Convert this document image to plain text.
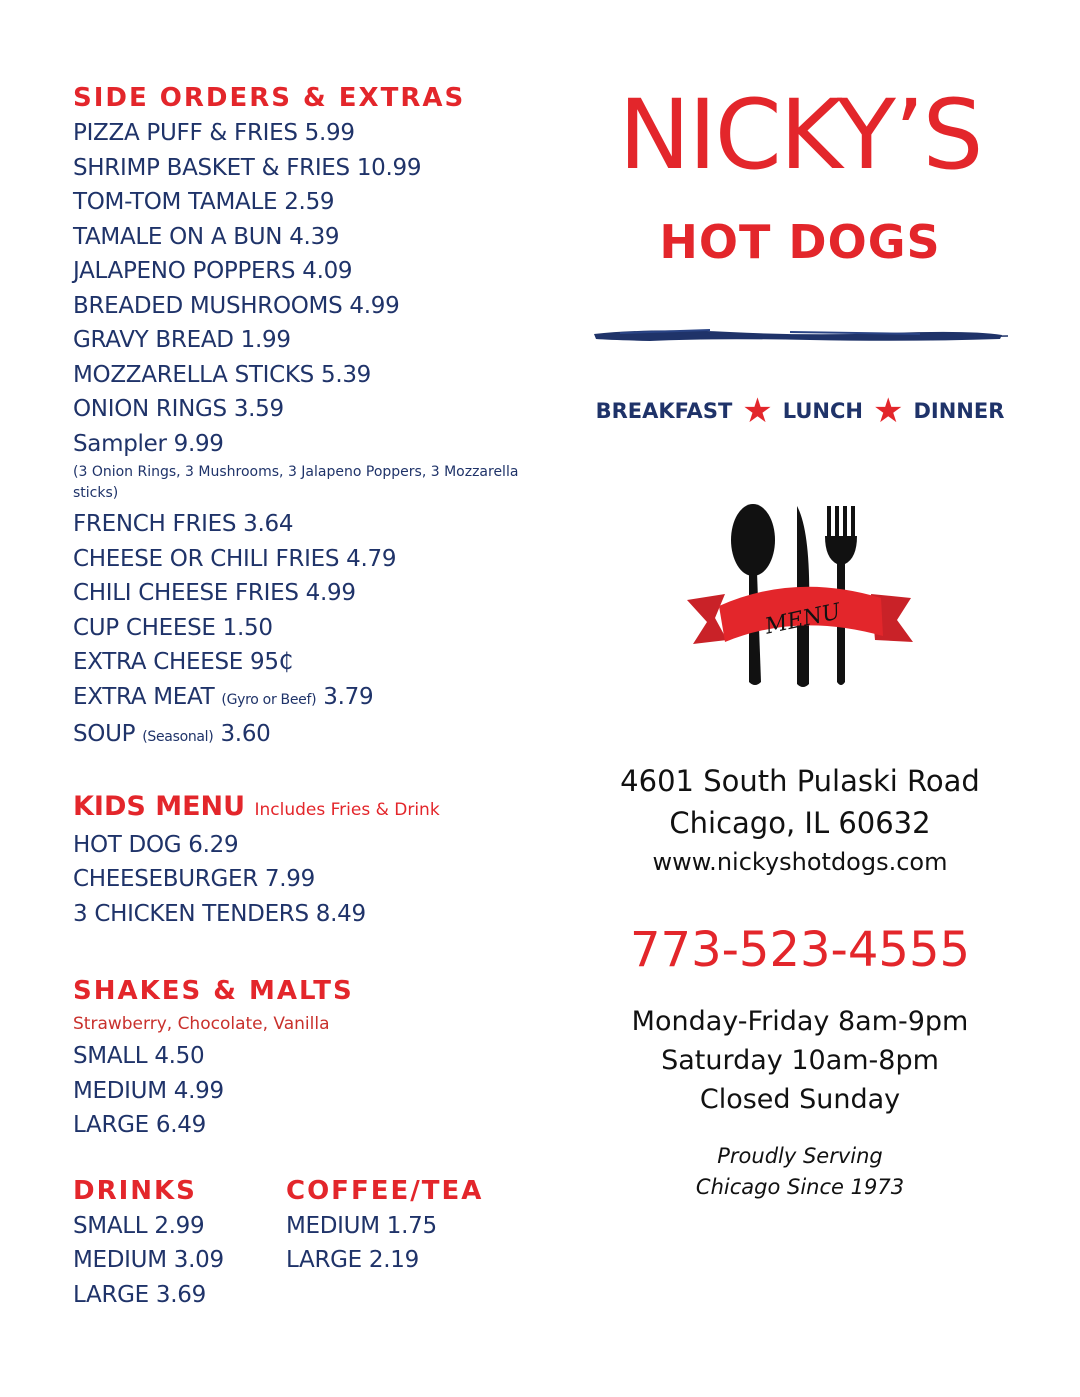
SIDE ORDERS & EXTRAS
PIZZA PUFF & FRIES 5.99
SHRIMP BASKET & FRIES 10.99
TOM-TOM TAMALE 2.59
TAMALE ON A BUN 4.39
JALAPENO POPPERS 4.09
BREADED MUSHROOMS 4.99
GRAVY BREAD 1.99
MOZZARELLA STICKS 5.39
ONION RINGS 3.59
Sampler 9.99
(3 Onion Rings, 3 Mushrooms, 3 Jalapeno Poppers, 3 Mozzarella sticks)
FRENCH FRIES 3.64
CHEESE OR CHILI FRIES 4.79
CHILI CHEESE FRIES 4.99
CUP CHEESE 1.50
EXTRA CHEESE 95₵
EXTRA MEAT (Gyro or Beef) 3.79
SOUP (Seasonal) 3.60
KIDS MENU Includes Fries & Drink
HOT DOG 6.29
CHEESEBURGER 7.99
3 CHICKEN TENDERS 8.49
SHAKES & MALTS
Strawberry, Chocolate, Vanilla
SMALL 4.50
MEDIUM 4.99
LARGE 6.49
DRINKS
SMALL 2.99
MEDIUM 3.09
LARGE 3.69
COFFEE/TEA
MEDIUM 1.75
LARGE 2.19
NICKY’S
HOT DOGS
BREAKFAST ★ LUNCH ★ DINNER
MENU
4601 South Pulaski Road
Chicago, IL 60632
www.nickyshotdogs.com
773-523-4555
Monday-Friday 8am-9pm
Saturday 10am-8pm
Closed Sunday
Proudly Serving
Chicago Since 1973
